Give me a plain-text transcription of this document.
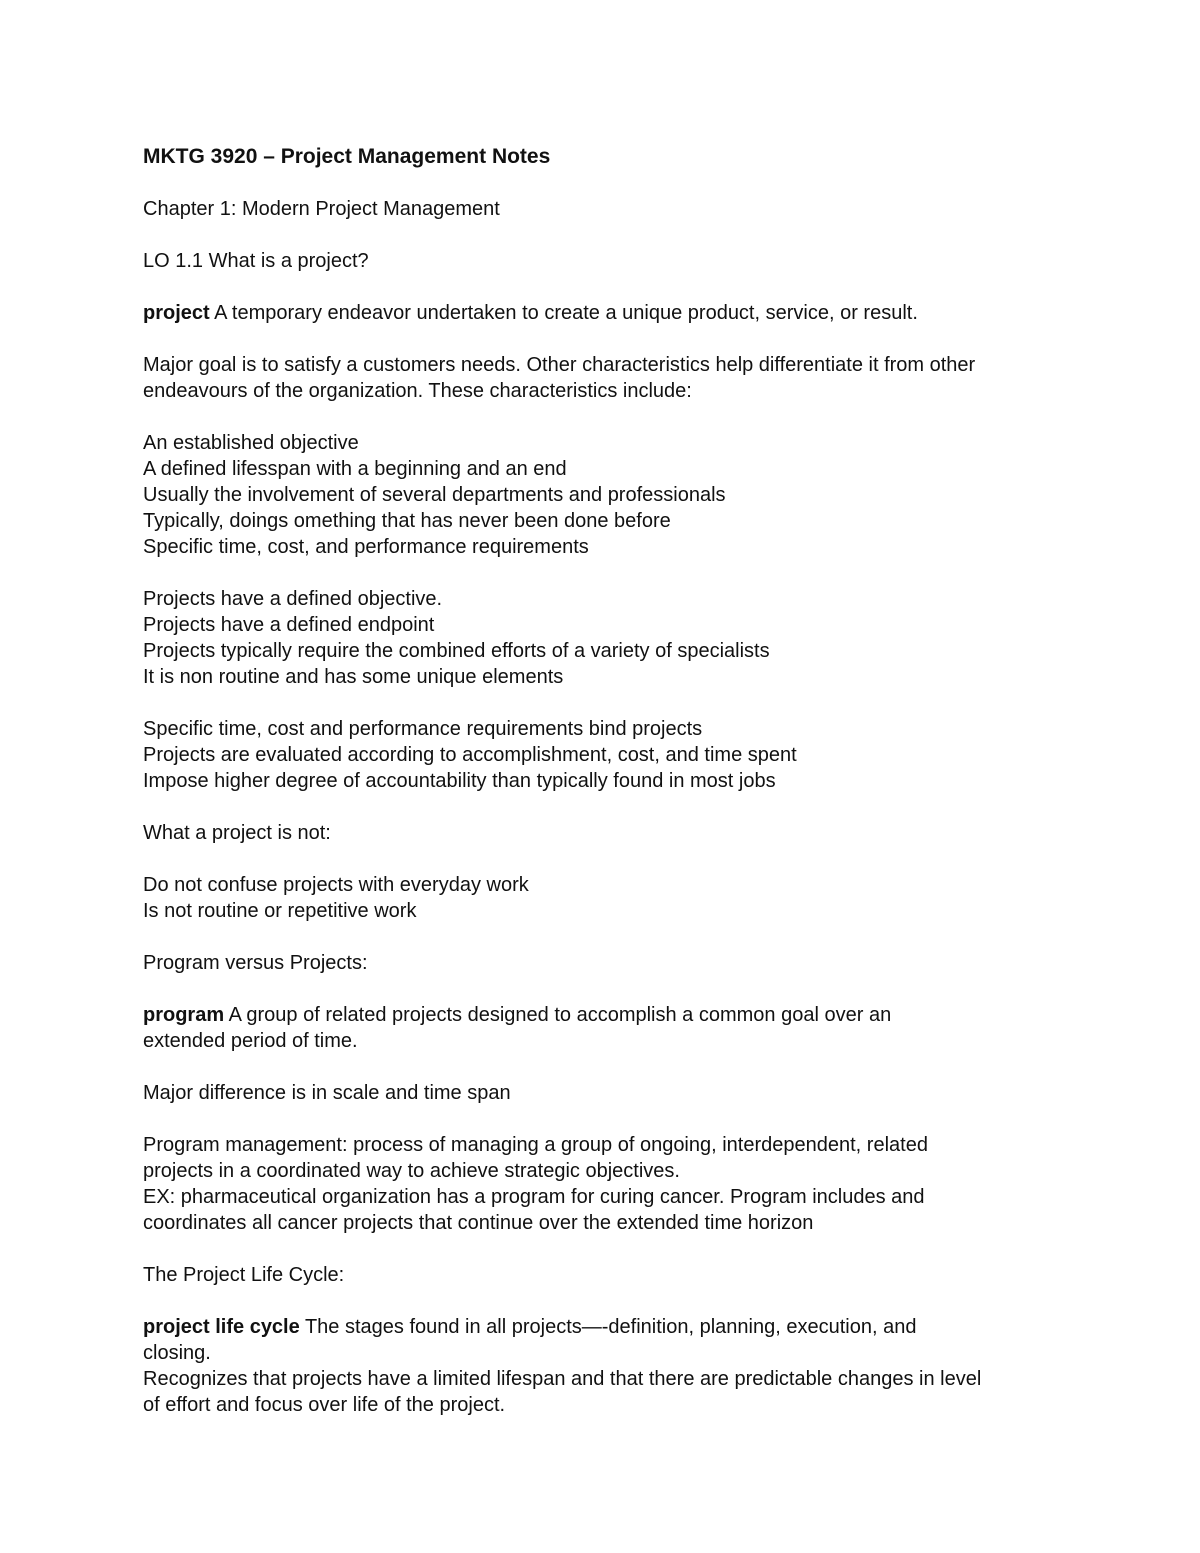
MKTG 3920 – Project Management Notes
Chapter 1: Modern Project Management
LO 1.1 What is a project?
project A temporary endeavor undertaken to create a unique product, service, or result.
Major goal is to satisfy a customers needs. Other characteristics help differentiate it from other
endeavours of the organization. These characteristics include:
An established objective
A defined lifesspan with a beginning and an end
Usually the involvement of several departments and professionals
Typically, doings omething that has never been done before
Specific time, cost, and performance requirements
Projects have a defined objective.
Projects have a defined endpoint
Projects typically require the combined efforts of a variety of specialists
It is non routine and has some unique elements
Specific time, cost and performance requirements bind projects
Projects are evaluated according to accomplishment, cost, and time spent
Impose higher degree of accountability than typically found in most jobs
What a project is not:
Do not confuse projects with everyday work
Is not routine or repetitive work
Program versus Projects:
program A group of related projects designed to accomplish a common goal over an
extended period of time.
Major difference is in scale and time span
Program management: process of managing a group of ongoing, interdependent, related
projects in a coordinated way to achieve strategic objectives.
EX: pharmaceutical organization has a program for curing cancer. Program includes and
coordinates all cancer projects that continue over the extended time horizon
The Project Life Cycle:
project life cycle The stages found in all projects—-definition, planning, execution, and
closing.
Recognizes that projects have a limited lifespan and that there are predictable changes in level
of effort and focus over life of the project.
